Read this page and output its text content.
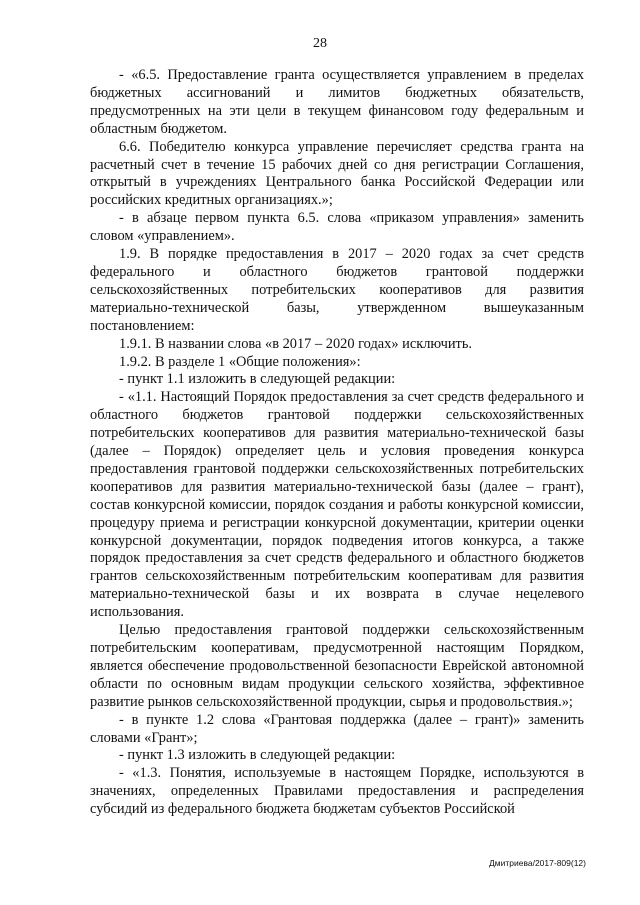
28

- «6.5. Предоставление гранта осуществляется управлением в пределах бюджетных ассигнований и лимитов бюджетных обязательств, предусмотренных на эти цели в текущем финансовом году федеральным и областным бюджетом.

6.6. Победителю конкурса управление перечисляет средства гранта на расчетный счет в течение 15 рабочих дней со дня регистрации Соглашения, открытый в учреждениях Центрального банка Российской Федерации или российских кредитных организациях.»;

- в абзаце первом пункта 6.5. слова «приказом управления» заменить словом «управлением».

1.9. В порядке предоставления в 2017 – 2020 годах за счет средств федерального и областного бюджетов грантовой поддержки сельскохозяйственных потребительских кооперативов для развития материально-технической базы, утвержденном вышеуказанным постановлением:

1.9.1. В названии слова «в 2017 – 2020 годах» исключить.

1.9.2. В разделе 1 «Общие положения»:

- пункт 1.1 изложить в следующей редакции:

- «1.1. Настоящий Порядок предоставления за счет средств федерального и областного бюджетов грантовой поддержки сельскохозяйственных потребительских кооперативов для развития материально-технической базы (далее – Порядок) определяет цель и условия проведения конкурса предоставления грантовой поддержки сельскохозяйственных потребительских кооперативов для развития материально-технической базы (далее – грант), состав конкурсной комиссии, порядок создания и работы конкурсной комиссии, процедуру приема и регистрации конкурсной документации, критерии оценки конкурсной документации, порядок подведения итогов конкурса, а также порядок предоставления за счет средств федерального и областного бюджетов грантов сельскохозяйственным потребительским кооперативам для развития материально-технической базы и их возврата в случае нецелевого использования.

Целью предоставления грантовой поддержки сельскохозяйственным потребительским кооперативам, предусмотренной настоящим Порядком, является обеспечение продовольственной безопасности Еврейской автономной области по основным видам продукции сельского хозяйства, эффективное развитие рынков сельскохозяйственной продукции, сырья и продовольствия.»;

- в пункте 1.2 слова «Грантовая поддержка (далее – грант)» заменить словами «Грант»;

- пункт 1.3 изложить в следующей редакции:

- «1.3. Понятия, используемые в настоящем Порядке, используются в значениях, определенных Правилами предоставления и распределения субсидий из федерального бюджета бюджетам субъектов Российской

Дмитриева/2017-809(12)
